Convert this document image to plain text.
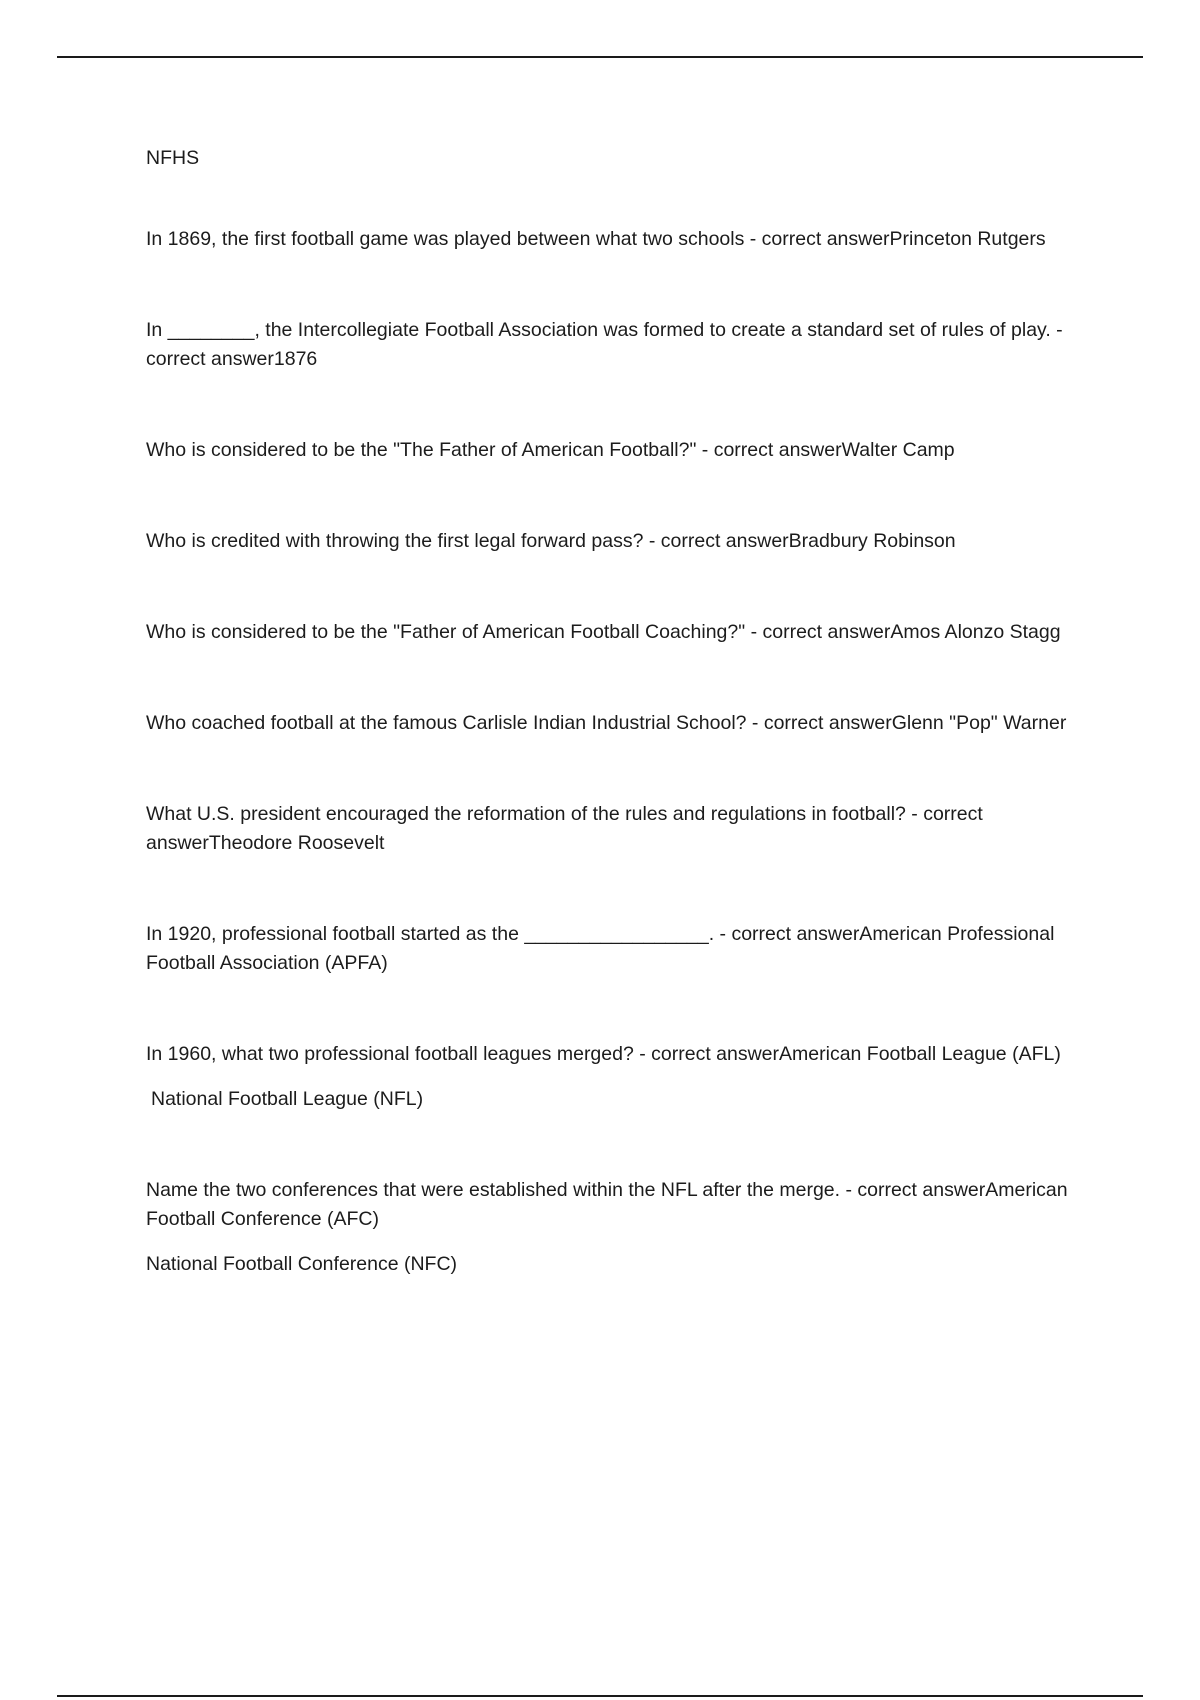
NFHS

In 1869, the first football game was played between what two schools - correct answerPrinceton Rutgers

In ________, the Intercollegiate Football Association was formed to create a standard set of rules of play. - correct answer1876

Who is considered to be the "The Father of American Football?" - correct answerWalter Camp

Who is credited with throwing the first legal forward pass? - correct answerBradbury Robinson

Who is considered to be the "Father of American Football Coaching?" - correct answerAmos Alonzo Stagg

Who coached football at the famous Carlisle Indian Industrial School? - correct answerGlenn "Pop" Warner

What U.S. president encouraged the reformation of the rules and regulations in football? - correct answerTheodore Roosevelt

In 1920, professional football started as the _________________. - correct answerAmerican Professional Football Association (APFA)

In 1960, what two professional football leagues merged? - correct answerAmerican Football League (AFL)

National Football League (NFL)

Name the two conferences that were established within the NFL after the merge. - correct answerAmerican Football Conference (AFC)

National Football Conference (NFC)
